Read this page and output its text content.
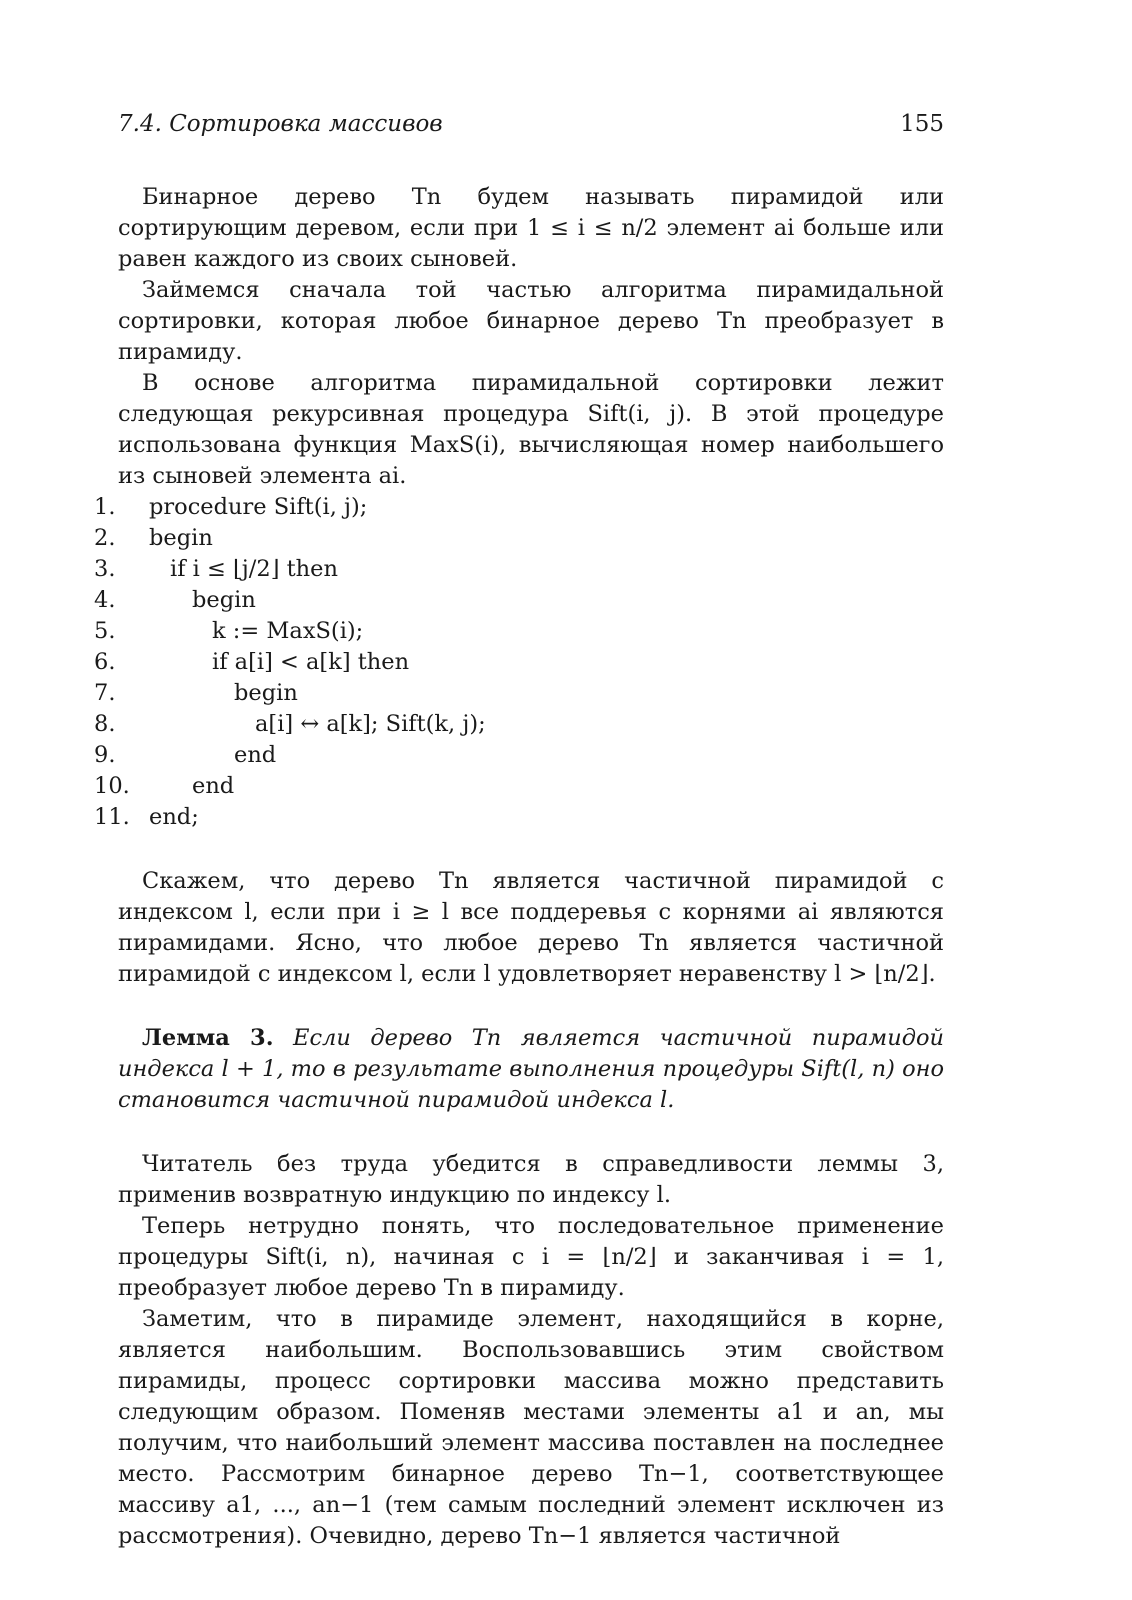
7.4. Сортировка массивов	155

Бинарное дерево Tn будем называть пирамидой или сортирующим деревом, если при 1 ≤ i ≤ n/2 элемент ai больше или равен каждого из своих сыновей.

Займемся сначала той частью алгоритма пирамидальной сортировки, которая любое бинарное дерево Tn преобразует в пирамиду.

В основе алгоритма пирамидальной сортировки лежит следующая рекурсивная процедура Sift(i, j). В этой процедуре использована функция MaxS(i), вычисляющая номер наибольшего из сыновей элемента ai.

1.	procedure Sift(i, j);
2.	begin
3.	if i ≤ ⌊j/2⌋ then
4.	begin
5.	k := MaxS(i);
6.	if a[i] < a[k] then
7.	begin
8.	a[i] ↔ a[k]; Sift(k, j);
9.	end
10.	end
11. end;

Скажем, что дерево Tn является частичной пирамидой с индексом l, если при i ≥ l все поддеревья с корнями ai являются пирамидами. Ясно, что любое дерево Tn является частичной пирамидой с индексом l, если l удовлетворяет неравенству l > ⌊n/2⌋.

Лемма 3. Если дерево Tn является частичной пирамидой индекса l + 1, то в результате выполнения процедуры Sift(l, n) оно становится частичной пирамидой индекса l.

Читатель без труда убедится в справедливости леммы 3, применив возвратную индукцию по индексу l.

Теперь нетрудно понять, что последовательное применение процедуры Sift(i, n), начиная с i = ⌊n/2⌋ и заканчивая i = 1, преобразует любое дерево Tn в пирамиду.

Заметим, что в пирамиде элемент, находящийся в корне, является наибольшим. Воспользовавшись этим свойством пирамиды, процесс сортировки массива можно представить следующим образом. Поменяв местами элементы a1 и an, мы получим, что наибольший элемент массива поставлен на последнее место. Рассмотрим бинарное дерево Tn−1, соответствующее массиву a1, ..., an−1 (тем самым последний элемент исключен из рассмотрения). Очевидно, дерево Tn−1 является частичной
